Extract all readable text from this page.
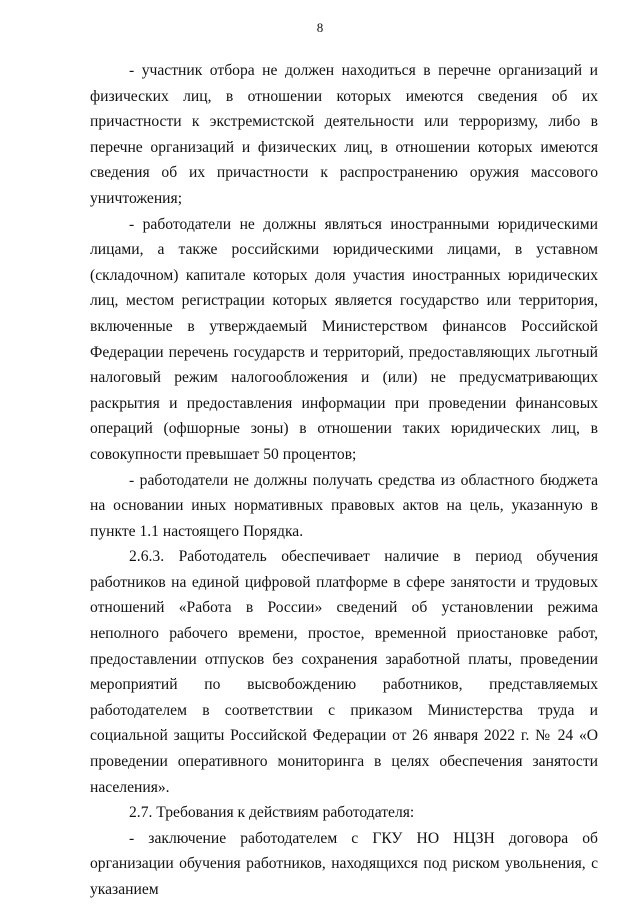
8

- участник отбора не должен находиться в перечне организаций и физических лиц, в отношении которых имеются сведения об их причастности к экстремистской деятельности или терроризму, либо в перечне организаций и физических лиц, в отношении которых имеются сведения об их причастности к распространению оружия массового уничтожения;

- работодатели не должны являться иностранными юридическими лицами, а также российскими юридическими лицами, в уставном (складочном) капитале которых доля участия иностранных юридических лиц, местом регистрации которых является государство или территория, включенные в утверждаемый Министерством финансов Российской Федерации перечень государств и территорий, предоставляющих льготный налоговый режим налогообложения и (или) не предусматривающих раскрытия и предоставления информации при проведении финансовых операций (офшорные зоны) в отношении таких юридических лиц, в совокупности превышает 50 процентов;

- работодатели не должны получать средства из областного бюджета на основании иных нормативных правовых актов на цель, указанную в пункте 1.1 настоящего Порядка.

2.6.3. Работодатель обеспечивает наличие в период обучения работников на единой цифровой платформе в сфере занятости и трудовых отношений «Работа в России» сведений об установлении режима неполного рабочего времени, простое, временной приостановке работ, предоставлении отпусков без сохранения заработной платы, проведении мероприятий по высвобождению работников, представляемых работодателем в соответствии с приказом Министерства труда и социальной защиты Российской Федерации от 26 января 2022 г. № 24 «О проведении оперативного мониторинга в целях обеспечения занятости населения».

2.7. Требования к действиям работодателя:

- заключение работодателем с ГКУ НО НЦЗН договора об организации обучения работников, находящихся под риском увольнения, с указанием
